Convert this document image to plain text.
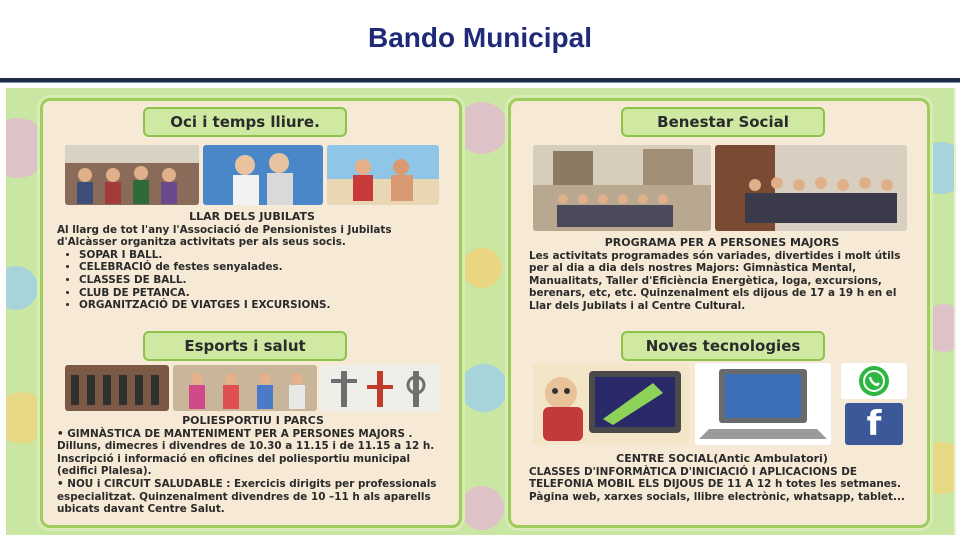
Bando Municipal
Oci i temps lliure.
LLAR DELS JUBILATS
Al llarg de tot l'any l'Associació de Pensionistes i Jubilats d'Alcàsser organitza activitats per als seus socis.
• SOPAR I BALL.
• CELEBRACIÓ de festes senyalades.
• CLASSES DE BALL.
• CLUB DE PETANCA.
• ORGANITZACIÓ DE VIATGES I EXCURSIONS.
Esports i salut
POLIESPORTIU I PARCS
• GIMNÀSTICA DE MANTENIMENT PER A PERSONES MAJORS . Dilluns, dimecres i divendres de 10.30 a 11.15 i de 11.15 a 12 h. Inscripció i informació en oficines del poliesportiu municipal (edifici Plalesa).
• NOU i CIRCUIT SALUDABLE : Exercicis dirigits per professionals especialitzat. Quinzenalment divendres de 10 –11 h als aparells ubicats davant Centre Salut.
Benestar Social
PROGRAMA PER A PERSONES MAJORS
Les activitats programades són variades, divertides i molt útils per al dia a dia dels nostres Majors: Gimnàstica Mental, Manualitats, Taller d'Eficiència Energètica, Ioga, excursions, berenars, etc, etc. Quinzenalment els dijous de 17 a 19 h en el Llar dels Jubilats i al Centre Cultural.
Noves tecnologies
f
CENTRE SOCIAL(Antic Ambulatori)
CLASSES D'INFORMÀTICA D'INICIACIÓ I APLICACIONS DE TELEFONIA MOBIL ELS DIJOUS DE 11 A 12 h totes les setmanes. Pàgina web, xarxes socials, llibre electrònic, whatsapp, tablet...
